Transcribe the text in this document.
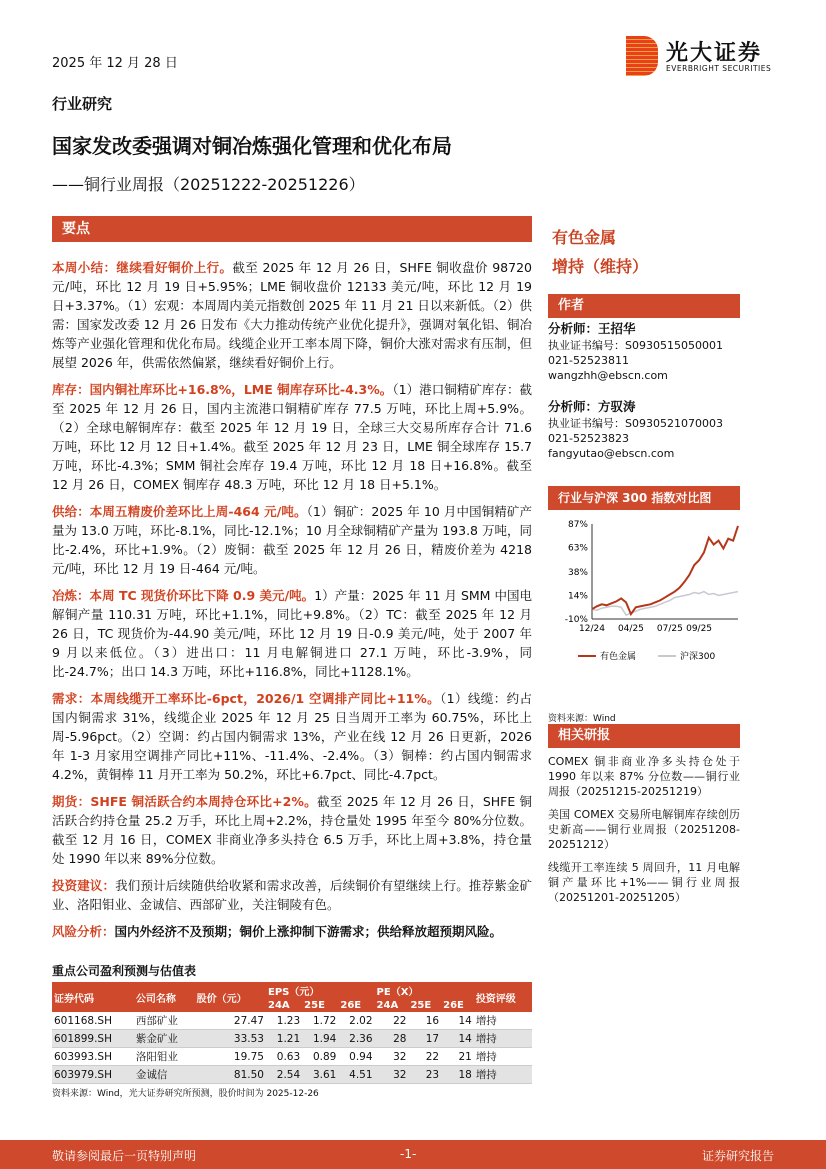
2025 年 12 月 28 日	光大证券
EVERBRIGHT SECURITIES
行业研究
国家发改委强调对铜冶炼强化管理和优化布局
——铜行业周报（20251222-20251226）
要点
本周小结：继续看好铜价上行。截至 2025 年 12 月 26 日，SHFE 铜收盘价 98720 元/吨，环比 12 月 19 日+5.95%；LME 铜收盘价 12133 美元/吨，环比 12 月 19 日+3.37%。（1）宏观：本周周内美元指数创 2025 年 11 月 21 日以来新低。（2）供需：国家发改委 12 月 26 日发布《大力推动传统产业优化提升》，强调对氧化铝、铜冶炼等产业强化管理和优化布局。线缆企业开工率本周下降，铜价大涨对需求有压制，但展望 2026 年，供需依然偏紧，继续看好铜价上行。
库存：国内铜社库环比+16.8%，LME 铜库存环比-4.3%。（1）港口铜精矿库存：截至 2025 年 12 月 26 日，国内主流港口铜精矿库存 77.5 万吨，环比上周+5.9%。（2）全球电解铜库存：截至 2025 年 12 月 19 日，全球三大交易所库存合计 71.6 万吨，环比 12 月 12 日+1.4%。截至 2025 年 12 月 23 日，LME 铜全球库存 15.7 万吨，环比-4.3%；SMM 铜社会库存 19.4 万吨，环比 12 月 18 日+16.8%。截至 12 月 26 日，COMEX 铜库存 48.3 万吨，环比 12 月 18 日+5.1%。
供给：本周五精废价差环比上周-464 元/吨。（1）铜矿：2025 年 10 月中国铜精矿产量为 13.0 万吨，环比-8.1%，同比-12.1%；10 月全球铜精矿产量为 193.8 万吨，同比-2.4%，环比+1.9%。（2）废铜：截至 2025 年 12 月 26 日，精废价差为 4218 元/吨，环比 12 月 19 日-464 元/吨。
冶炼：本周 TC 现货价环比下降 0.9 美元/吨。1）产量：2025 年 11 月 SMM 中国电解铜产量 110.31 万吨，环比+1.1%，同比+9.8%。（2）TC：截至 2025 年 12 月 26 日，TC 现货价为-44.90 美元/吨，环比 12 月 19 日-0.9 美元/吨，处于 2007 年 9 月以来低位。（3）进出口：11 月电解铜进口 27.1 万吨，环比-3.9%，同比-24.7%；出口 14.3 万吨，环比+116.8%，同比+1128.1%。
需求：本周线缆开工率环比-6pct，2026/1 空调排产同比+11%。（1）线缆：约占国内铜需求 31%，线缆企业 2025 年 12 月 25 日当周开工率为 60.75%，环比上周-5.96pct。（2）空调：约占国内铜需求 13%，产业在线 12 月 26 日更新，2026 年 1-3 月家用空调排产同比+11%、-11.4%、-2.4%。（3）铜棒：约占国内铜需求 4.2%，黄铜棒 11 月开工率为 50.2%，环比+6.7pct、同比-4.7pct。
期货：SHFE 铜活跃合约本周持仓环比+2%。截至 2025 年 12 月 26 日，SHFE 铜活跃合约持仓量 25.2 万手，环比上周+2.2%，持仓量处 1995 年至今 80%分位数。截至 12 月 16 日，COMEX 非商业净多头持仓 6.5 万手，环比上周+3.8%，持仓量处 1990 年以来 89%分位数。
投资建议：我们预计后续随供给收紧和需求改善，后续铜价有望继续上行。推荐紫金矿业、洛阳钼业、金诚信、西部矿业，关注铜陵有色。
风险分析：国内外经济不及预期；铜价上涨抑制下游需求；供给释放超预期风险。
重点公司盈利预测与估值表
证券代码	公司名称	股价（元）	EPS（元）			PE（X）			投资评级
			24A	25E	26E	24A	25E	26E	
601168.SH	西部矿业	27.47	1.23	1.72	2.02	22	16	14	增持
601899.SH	紫金矿业	33.53	1.21	1.94	2.36	28	17	14	增持
603993.SH	洛阳钼业	19.75	0.63	0.89	0.94	32	22	21	增持
603979.SH	金诚信	81.50	2.54	3.61	4.51	32	23	18	增持
资料来源：Wind，光大证券研究所预测，股价时间为 2025-12-26
有色金属
增持（维持）
作者
分析师：王招华
执业证书编号：S0930515050001
021-52523811
wangzhh@ebscn.com
分析师：方驭涛
执业证书编号：S0930521070003
021-52523823
fangyutao@ebscn.com
行业与沪深 300 指数对比图
87%
63%
38%
14%
-10%
12/24 04/25 07/25 09/25
有色金属	沪深300
资料来源：Wind
相关研报
COMEX 铜非商业净多头持仓处于 1990 年以来 87% 分位数——铜行业周报（20251215-20251219）
美国 COMEX 交易所电解铜库存续创历史新高——铜行业周报（20251208-20251212）
线缆开工率连续 5 周回升，11 月电解铜产量环比+1%——铜行业周报（20251201-20251205）
敬请参阅最后一页特别声明	-1-	证券研究报告
